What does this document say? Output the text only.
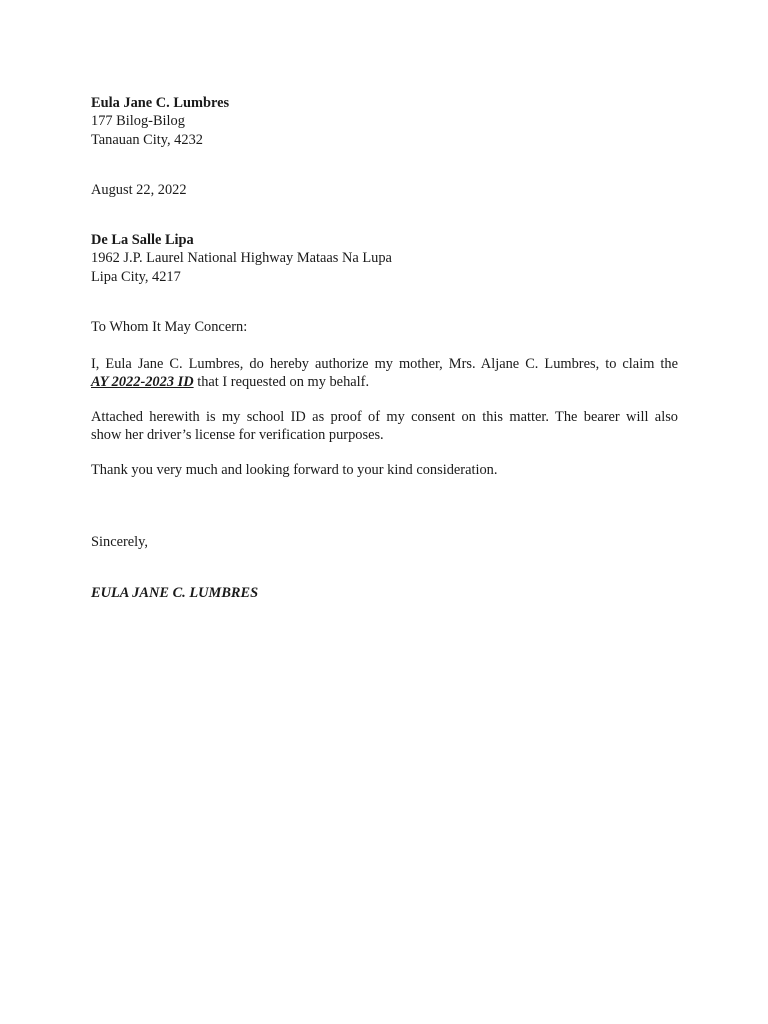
Eula Jane C. Lumbres
177 Bilog-Bilog
Tanauan City, 4232
August 22, 2022
De La Salle Lipa
1962 J.P. Laurel National Highway Mataas Na Lupa
Lipa City, 4217
To Whom It May Concern:
I, Eula Jane C. Lumbres, do hereby authorize my mother, Mrs. Aljane C. Lumbres, to claim the
AY 2022-2023 ID that I requested on my behalf.
Attached herewith is my school ID as proof of my consent on this matter. The bearer will also
show her driver’s license for verification purposes.
Thank you very much and looking forward to your kind consideration.
Sincerely,
EULA JANE C. LUMBRES
